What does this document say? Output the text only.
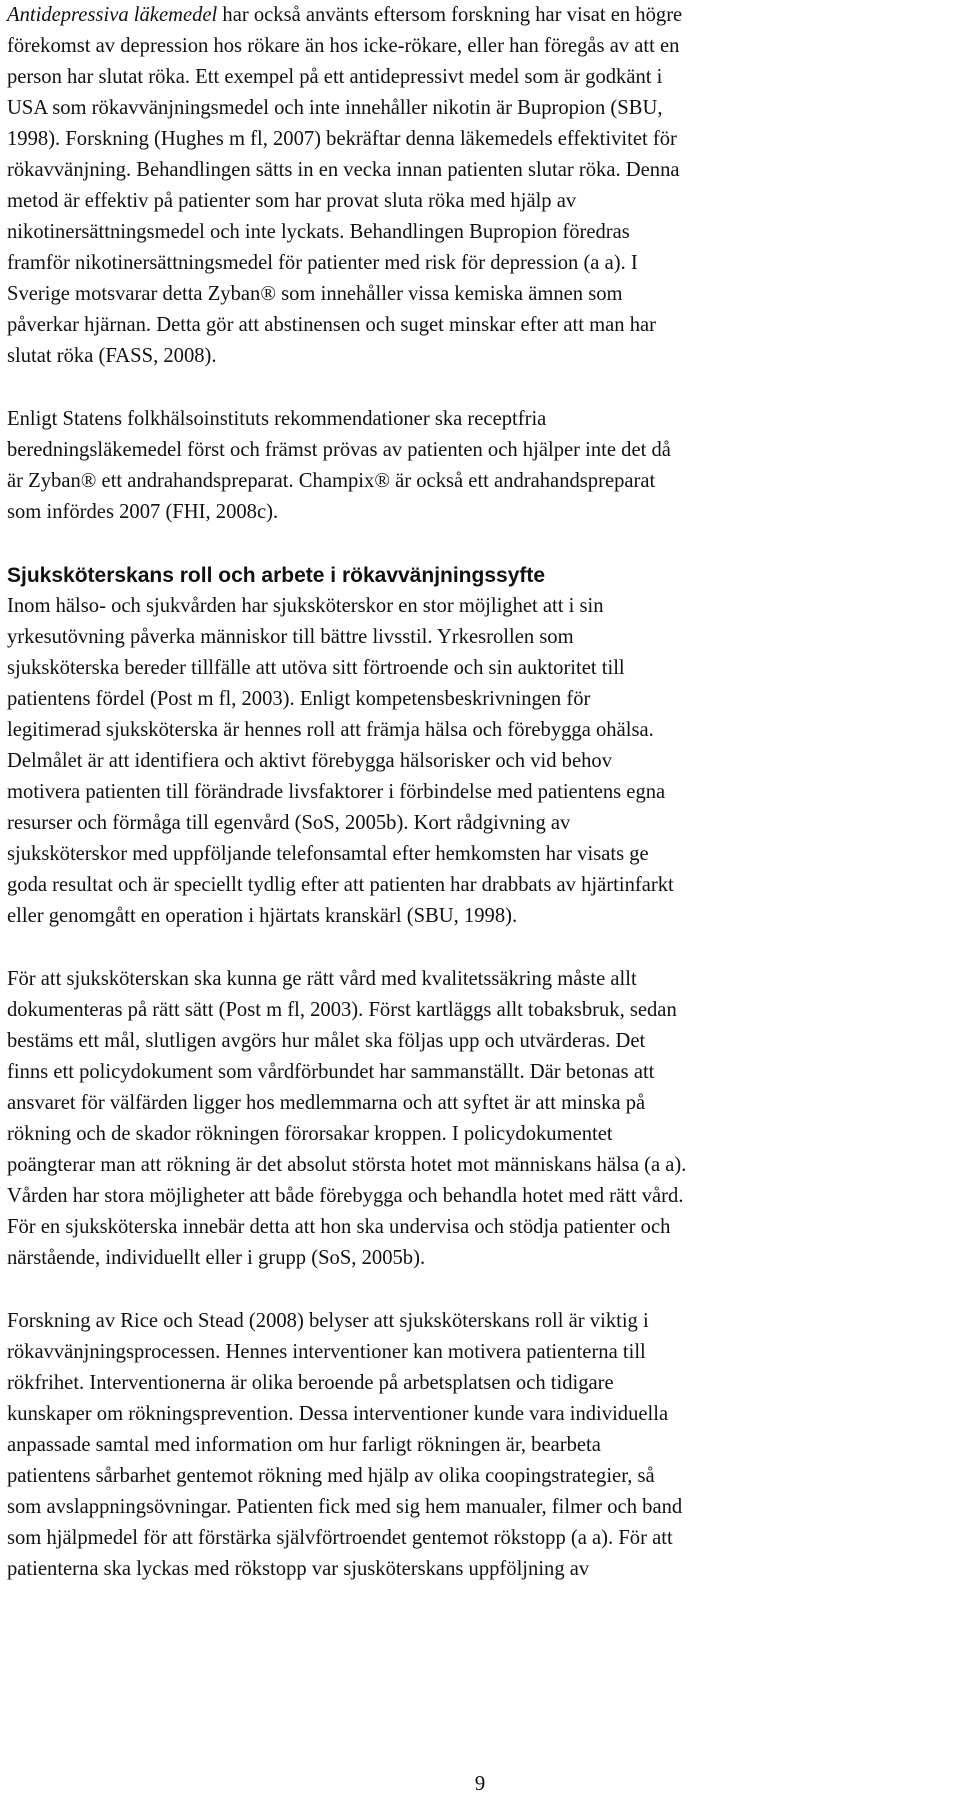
Antidepressiva läkemedel har också använts eftersom forskning har visat en högre
förekomst av depression hos rökare än hos icke-rökare, eller han föregås av att en
person har slutat röka. Ett exempel på ett antidepressivt medel som är godkänt i
USA som rökavvänjningsmedel och inte innehåller nikotin är Bupropion (SBU,
1998). Forskning (Hughes m fl, 2007) bekräftar denna läkemedels effektivitet för
rökavvänjning. Behandlingen sätts in en vecka innan patienten slutar röka. Denna
metod är effektiv på patienter som har provat sluta röka med hjälp av
nikotinersättningsmedel och inte lyckats. Behandlingen Bupropion föredras
framför nikotinersättningsmedel för patienter med risk för depression (a a). I
Sverige motsvarar detta Zyban® som innehåller vissa kemiska ämnen som
påverkar hjärnan. Detta gör att abstinensen och suget minskar efter att man har
slutat röka (FASS, 2008).

Enligt Statens folkhälsoinstituts rekommendationer ska receptfria
beredningsläkemedel först och främst prövas av patienten och hjälper inte det då
är Zyban® ett andrahandspreparat. Champix® är också ett andrahandspreparat
som infördes 2007 (FHI, 2008c).

Sjuksköterskans roll och arbete i rökavvänjningssyfte

Inom hälso- och sjukvården har sjuksköterskor en stor möjlighet att i sin
yrkesutövning påverka människor till bättre livsstil. Yrkesrollen som
sjuksköterska bereder tillfälle att utöva sitt förtroende och sin auktoritet till
patientens fördel (Post m fl, 2003). Enligt kompetensbeskrivningen för
legitimerad sjuksköterska är hennes roll att främja hälsa och förebygga ohälsa.
Delmålet är att identifiera och aktivt förebygga hälsorisker och vid behov
motivera patienten till förändrade livsfaktorer i förbindelse med patientens egna
resurser och förmåga till egenvård (SoS, 2005b). Kort rådgivning av
sjuksköterskor med uppföljande telefonsamtal efter hemkomsten har visats ge
goda resultat och är speciellt tydlig efter att patienten har drabbats av hjärtinfarkt
eller genomgått en operation i hjärtats kranskärl (SBU, 1998).

För att sjuksköterskan ska kunna ge rätt vård med kvalitetssäkring måste allt
dokumenteras på rätt sätt (Post m fl, 2003). Först kartläggs allt tobaksbruk, sedan
bestäms ett mål, slutligen avgörs hur målet ska följas upp och utvärderas. Det
finns ett policydokument som vårdförbundet har sammanställt. Där betonas att
ansvaret för välfärden ligger hos medlemmarna och att syftet är att minska på
rökning och de skador rökningen förorsakar kroppen. I policydokumentet
poängterar man att rökning är det absolut största hotet mot människans hälsa (a a).
Vården har stora möjligheter att både förebygga och behandla hotet med rätt vård.
För en sjuksköterska innebär detta att hon ska undervisa och stödja patienter och
närstående, individuellt eller i grupp (SoS, 2005b).

Forskning av Rice och Stead (2008) belyser att sjuksköterskans roll är viktig i
rökavvänjningsprocessen. Hennes interventioner kan motivera patienterna till
rökfrihet. Interventionerna är olika beroende på arbetsplatsen och tidigare
kunskaper om rökningsprevention. Dessa interventioner kunde vara individuella
anpassade samtal med information om hur farligt rökningen är, bearbeta
patientens sårbarhet gentemot rökning med hjälp av olika coopingstrategier, så
som avslappningsövningar. Patienten fick med sig hem manualer, filmer och band
som hjälpmedel för att förstärka självförtroendet gentemot rökstopp (a a). För att
patienterna ska lyckas med rökstopp var sjusköterskans uppföljning av

9
